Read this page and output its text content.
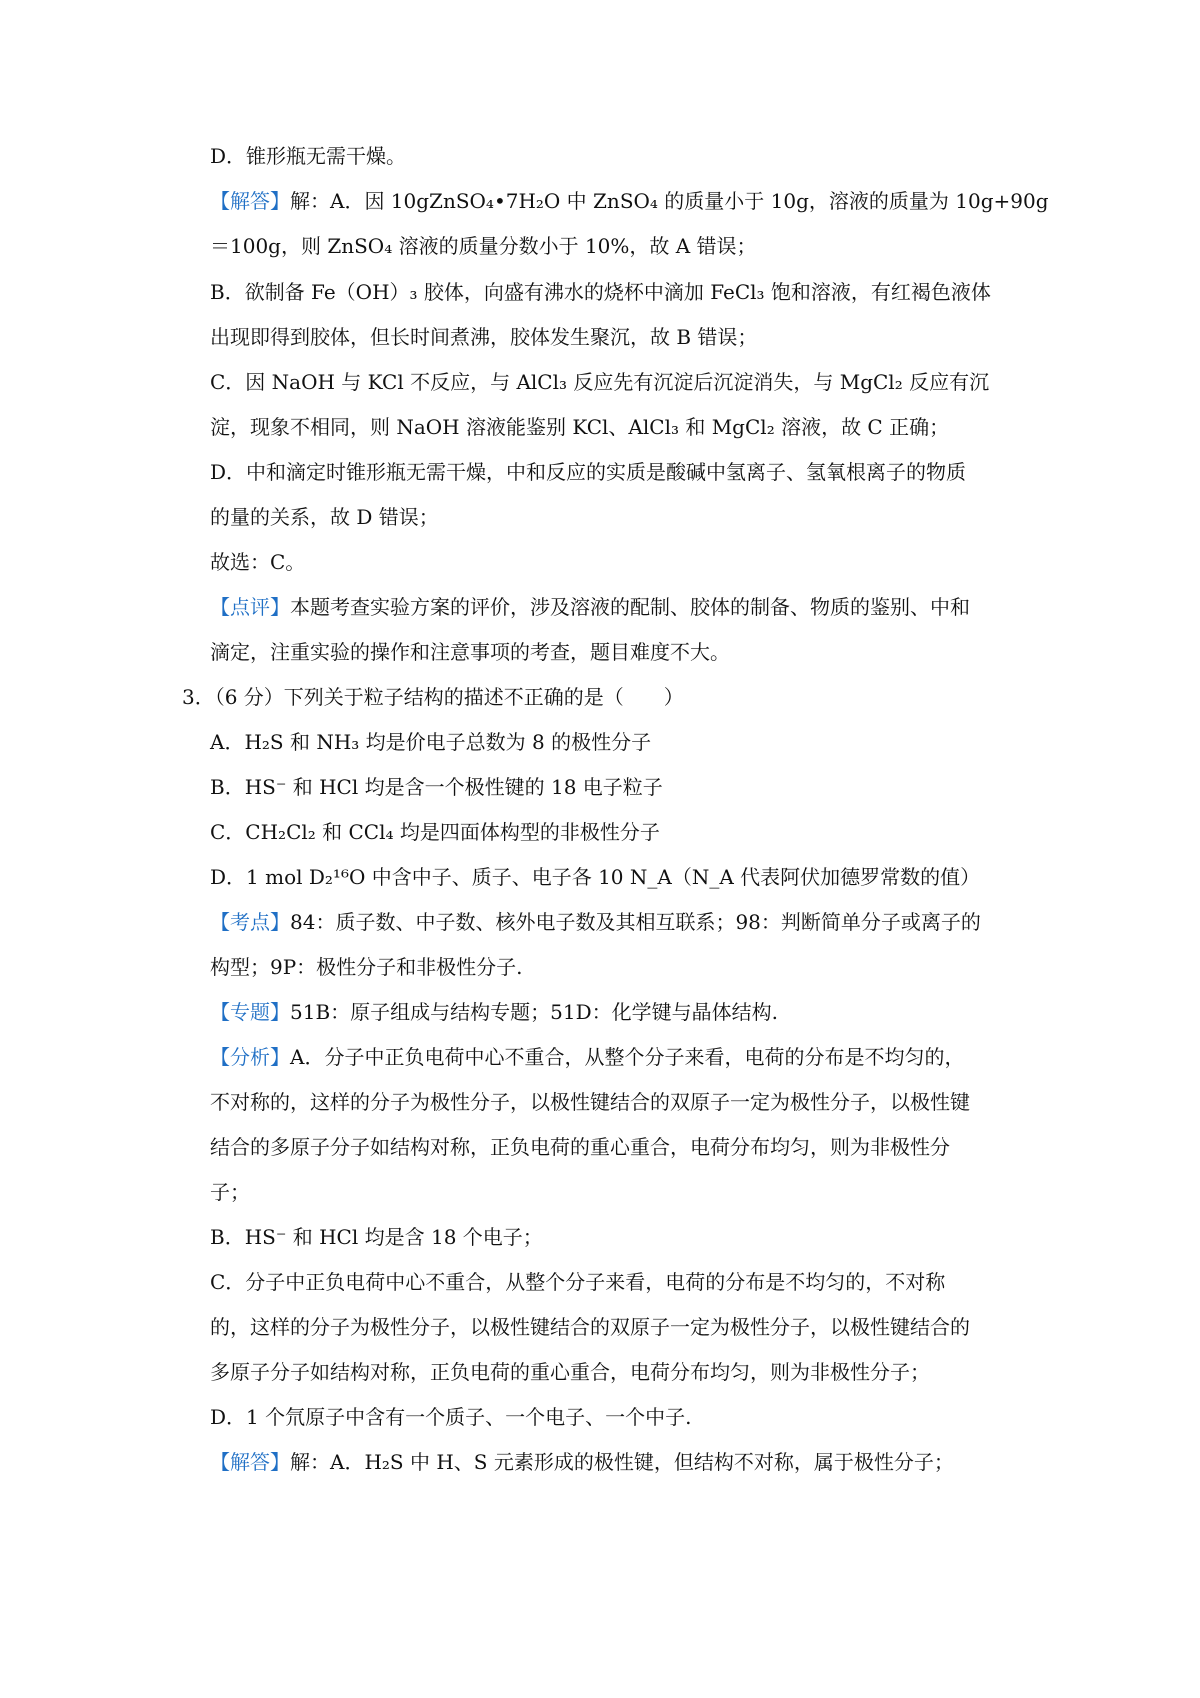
D．锥形瓶无需干燥。
【解答】解：A．因 10gZnSO₄•7H₂O 中 ZnSO₄ 的质量小于 10g，溶液的质量为 10g+90g
＝100g，则 ZnSO₄ 溶液的质量分数小于 10%，故 A 错误；
B．欲制备 Fe（OH）₃ 胶体，向盛有沸水的烧杯中滴加 FeCl₃ 饱和溶液，有红褐色液体
出现即得到胶体，但长时间煮沸，胶体发生聚沉，故 B 错误；
C．因 NaOH 与 KCl 不反应，与 AlCl₃ 反应先有沉淀后沉淀消失，与 MgCl₂ 反应有沉
淀，现象不相同，则 NaOH 溶液能鉴别 KCl、AlCl₃ 和 MgCl₂ 溶液，故 C 正确；
D．中和滴定时锥形瓶无需干燥，中和反应的实质是酸碱中氢离子、氢氧根离子的物质
的量的关系，故 D 错误；
故选：C。
【点评】本题考查实验方案的评价，涉及溶液的配制、胶体的制备、物质的鉴别、中和
滴定，注重实验的操作和注意事项的考查，题目难度不大。
3．（6 分）下列关于粒子结构的描述不正确的是（　　）
A．H₂S 和 NH₃ 均是价电子总数为 8 的极性分子
B．HS⁻ 和 HCl 均是含一个极性键的 18 电子粒子
C．CH₂Cl₂ 和 CCl₄ 均是四面体构型的非极性分子
D．1 mol D₂¹⁶O 中含中子、质子、电子各 10 N_A（N_A 代表阿伏加德罗常数的值）
【考点】84：质子数、中子数、核外电子数及其相互联系；98：判断简单分子或离子的
构型；9P：极性分子和非极性分子.
【专题】51B：原子组成与结构专题；51D：化学键与晶体结构.
【分析】A．分子中正负电荷中心不重合，从整个分子来看，电荷的分布是不均匀的，
不对称的，这样的分子为极性分子，以极性键结合的双原子一定为极性分子，以极性键
结合的多原子分子如结构对称，正负电荷的重心重合，电荷分布均匀，则为非极性分
子；
B．HS⁻ 和 HCl 均是含 18 个电子；
C．分子中正负电荷中心不重合，从整个分子来看，电荷的分布是不均匀的，不对称
的，这样的分子为极性分子，以极性键结合的双原子一定为极性分子，以极性键结合的
多原子分子如结构对称，正负电荷的重心重合，电荷分布均匀，则为非极性分子；
D．1 个氘原子中含有一个质子、一个电子、一个中子.
【解答】解：A．H₂S 中 H、S 元素形成的极性键，但结构不对称，属于极性分子；
